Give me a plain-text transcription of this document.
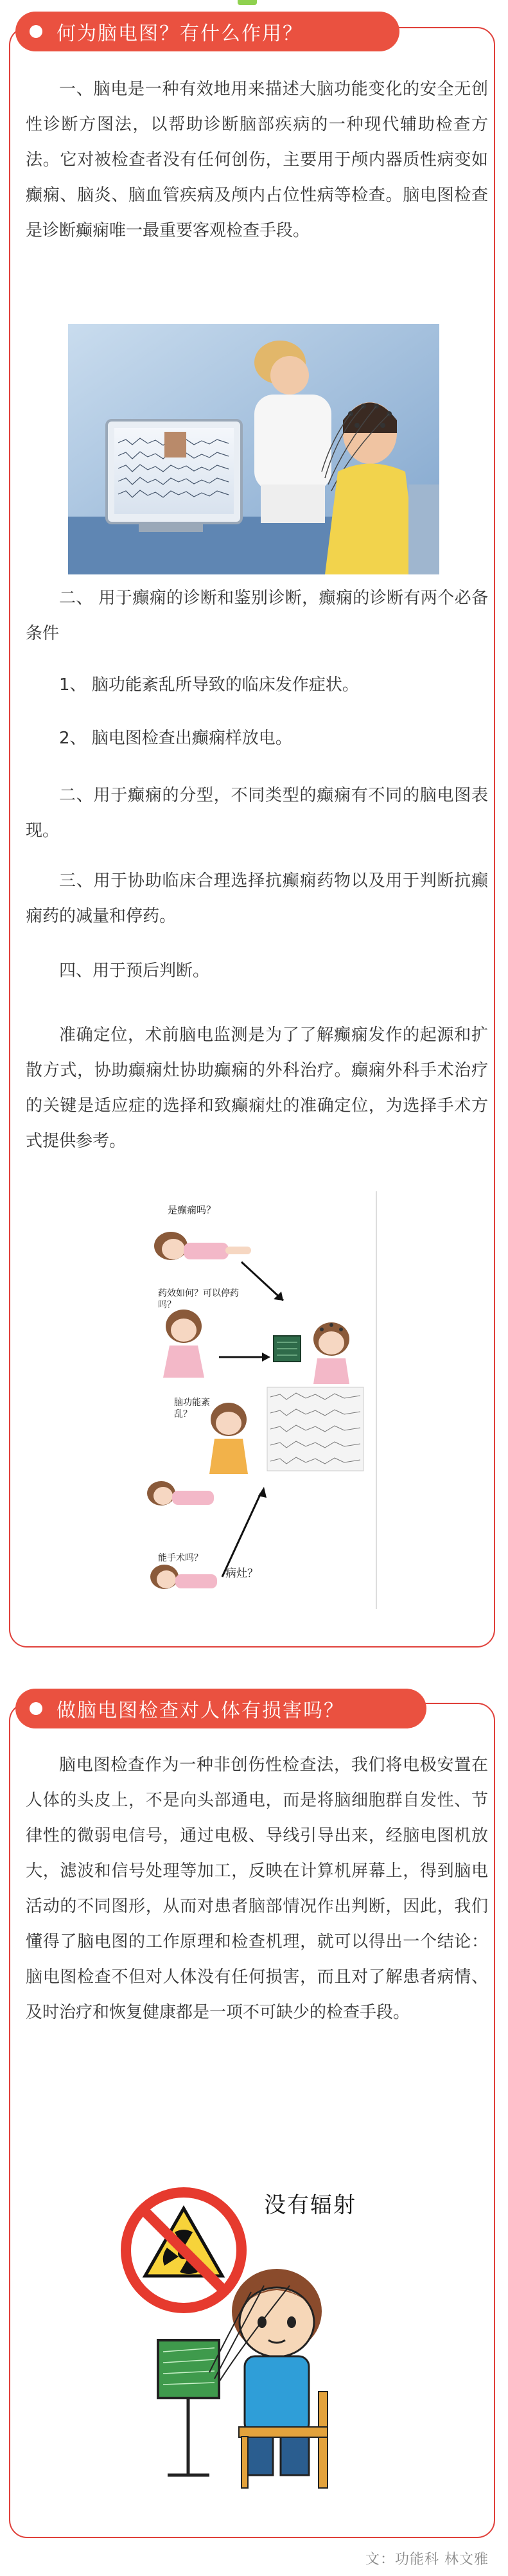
何为脑电图？有什么作用？

一、脑电是一种有效地用来描述大脑功能变化的安全无创性诊断方图法，以帮助诊断脑部疾病的一种现代辅助检查方法。它对被检查者没有任何创伤，主要用于颅内器质性病变如癫痫、脑炎、脑血管疾病及颅内占位性病等检查。脑电图检查是诊断癫痫唯一最重要客观检查手段。

二、 用于癫痫的诊断和鉴别诊断，癫痫的诊断有两个必备条件

1、 脑功能紊乱所导致的临床发作症状。

2、 脑电图检查出癫痫样放电。

二、用于癫痫的分型，不同类型的癫痫有不同的脑电图表现。

三、用于协助临床合理选择抗癫痫药物以及用于判断抗癫痫药的减量和停药。

四、用于预后判断。

准确定位，术前脑电监测是为了了解癫痫发作的起源和扩散方式，协助癫痫灶协助癫痫的外科治疗。癫痫外科手术治疗的关键是适应症的选择和致癫痫灶的准确定位，为选择手术方式提供参考。

是癫痫吗？
药效如何？可以停药吗？
脑功能紊乱？
能手术吗？
病灶？
做脑电图检查对人体有损害吗？

脑电图检查作为一种非创伤性检查法，我们将电极安置在人体的头皮上，不是向头部通电，而是将脑细胞群自发性、节律性的微弱电信号，通过电极、导线引导出来，经脑电图机放大，滤波和信号处理等加工，反映在计算机屏幕上，得到脑电活动的不同图形，从而对患者脑部情况作出判断，因此，我们懂得了脑电图的工作原理和检查机理，就可以得出一个结论：脑电图检查不但对人体没有任何损害，而且对了解患者病情、及时治疗和恢复健康都是一项不可缺少的检查手段。

没有辐射
文：功能科 林文雅
